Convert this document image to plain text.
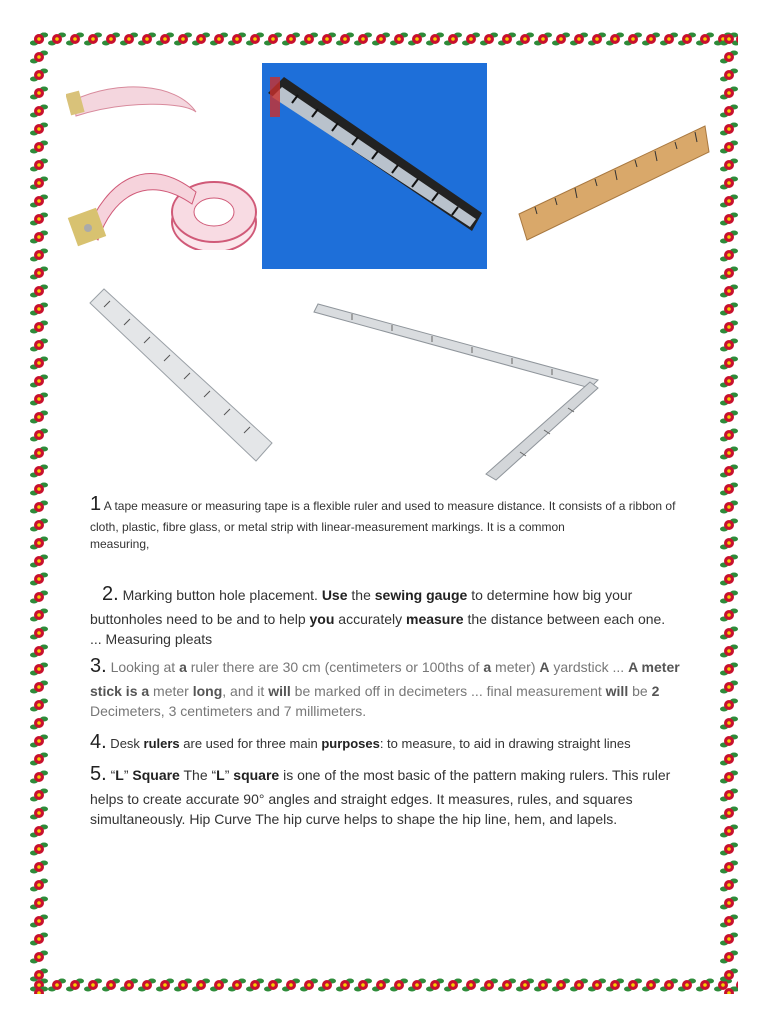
1 A tape measure or measuring tape is a flexible ruler and used to measure distance. It consists of a ribbon of cloth, plastic, fibre glass, or metal strip with linear-measurement markings. It is a common
measuring,
2. Marking button hole placement. Use the sewing gauge to determine how big your buttonholes need to be and to help you accurately measure the distance between each one. ... Measuring pleats
3. Looking at a ruler there are 30 cm (centimeters or 100ths of a meter) A yardstick ... A meter stick is a meter long, and it will be marked off in decimeters ... final measurement will be 2 Decimeters, 3 centimeters and 7 millimeters.
4. Desk rulers are used for three main purposes: to measure, to aid in drawing straight lines
5. “L” Square The “L” square is one of the most basic of the pattern making rulers. This ruler helps to create accurate 90° angles and straight edges. It measures, rules, and squares simultaneously. Hip Curve The hip curve helps to shape the hip line, hem, and lapels.
